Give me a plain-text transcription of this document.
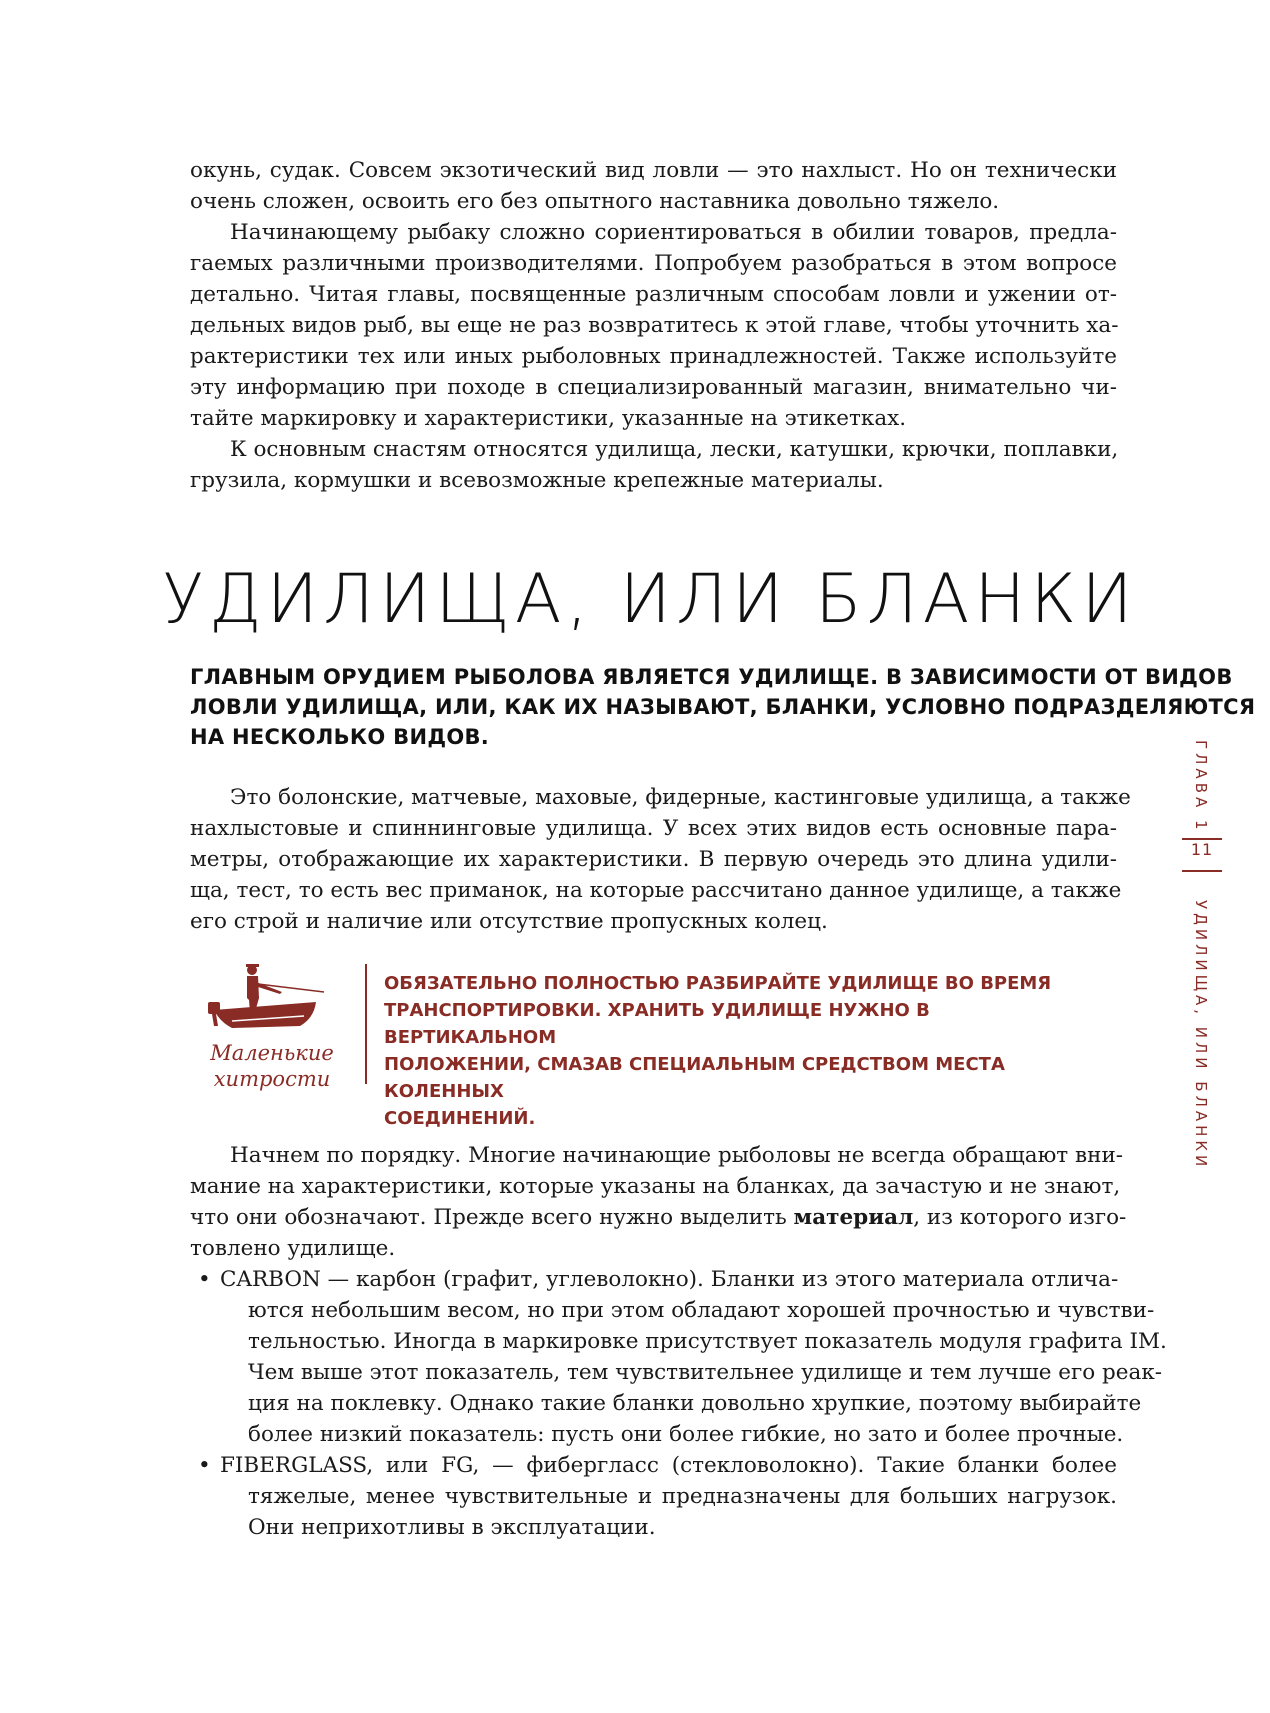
окунь, судак. Совсем экзотический вид ловли — это нахлыст. Но он технически
очень сложен, освоить его без опытного наставника довольно тяжело.
Начинающему рыбаку сложно сориентироваться в обилии товаров, предла-
гаемых различными производителями. Попробуем разобраться в этом вопросе
детально. Читая главы, посвященные различным способам ловли и ужении от-
дельных видов рыб, вы еще не раз возвратитесь к этой главе, чтобы уточнить ха-
рактеристики тех или иных рыболовных принадлежностей. Также используйте
эту информацию при походе в специализированный магазин, внимательно чи-
тайте маркировку и характеристики, указанные на этикетках.
К основным снастям относятся удилища, лески, катушки, крючки, поплавки,
грузила, кормушки и всевозможные крепежные материалы.
УДИЛИЩА, ИЛИ БЛАНКИ
ГЛАВНЫМ ОРУДИЕМ РЫБОЛОВА ЯВЛЯЕТСЯ УДИЛИЩЕ. В ЗАВИСИМОСТИ ОТ ВИДОВ
ЛОВЛИ УДИЛИЩА, ИЛИ, КАК ИХ НАЗЫВАЮТ, БЛАНКИ, УСЛОВНО ПОДРАЗДЕЛЯЮТСЯ
НА НЕСКОЛЬКО ВИДОВ.
Это болонские, матчевые, маховые, фидерные, кастинговые удилища, а также
нахлыстовые и спиннинговые удилища. У всех этих видов есть основные пара-
метры, отображающие их характеристики. В первую очередь это длина удили-
ща, тест, то есть вес приманок, на которые рассчитано данное удилище, а также
его строй и наличие или отсутствие пропускных колец.
Маленькие
хитрости
ОБЯЗАТЕЛЬНО ПОЛНОСТЬЮ РАЗБИРАЙТЕ УДИЛИЩЕ ВО ВРЕМЯ
ТРАНСПОРТИРОВКИ. ХРАНИТЬ УДИЛИЩЕ НУЖНО В ВЕРТИКАЛЬНОМ
ПОЛОЖЕНИИ, СМАЗАВ СПЕЦИАЛЬНЫМ СРЕДСТВОМ МЕСТА КОЛЕННЫХ
СОЕДИНЕНИЙ.
Начнем по порядку. Многие начинающие рыболовы не всегда обращают вни-
мание на характеристики, которые указаны на бланках, да зачастую и не знают,
что они обозначают. Прежде всего нужно выделить материал, из которого изго-
товлено удилище.
• CARBON — карбон (графит, углеволокно). Бланки из этого материала отлича-
ются небольшим весом, но при этом обладают хорошей прочностью и чувстви-
тельностью. Иногда в маркировке присутствует показатель модуля графита IM.
Чем выше этот показатель, тем чувствительнее удилище и тем лучше его реак-
ция на поклевку. Однако такие бланки довольно хрупкие, поэтому выбирайте
более низкий показатель: пусть они более гибкие, но зато и более прочные.
• FIBERGLASS, или FG, — фибергласс (стекловолокно). Такие бланки более
тяжелые, менее чувствительные и предназначены для больших нагрузок.
Они неприхотливы в эксплуатации.
ГЛАВА 1
11
УДИЛИЩА, ИЛИ БЛАНКИ
